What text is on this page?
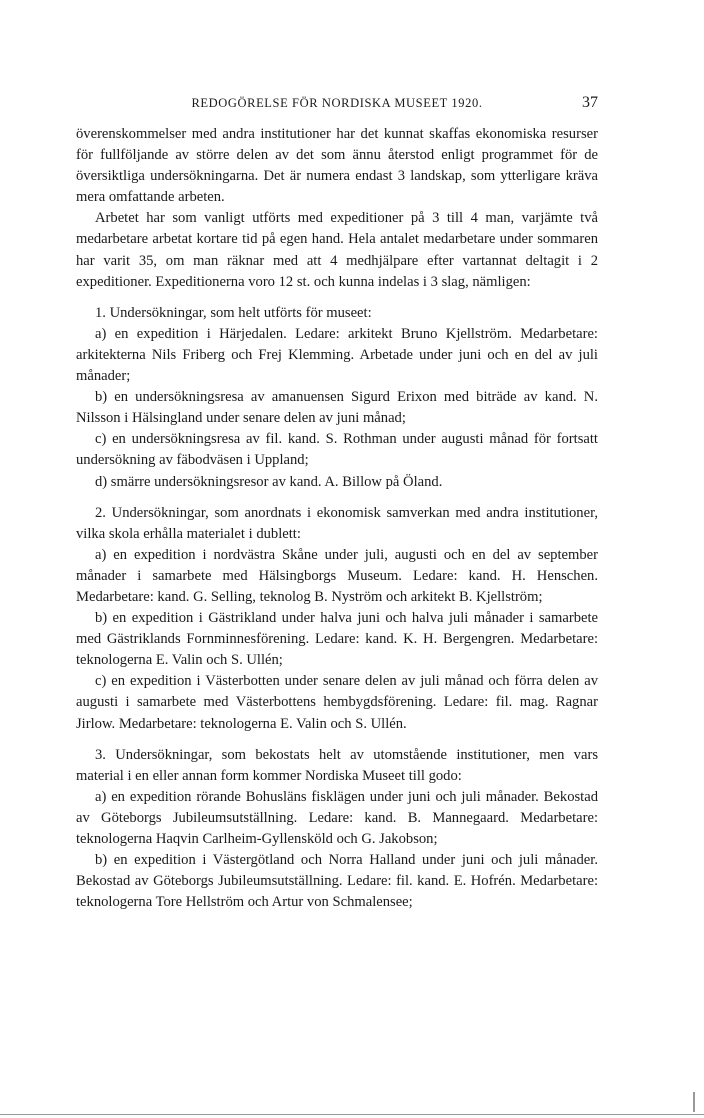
REDOGÖRELSE FÖR NORDISKA MUSEET 1920.	37

överenskommelser med andra institutioner har det kunnat skaffas ekonomiska resurser för fullföljande av större delen av det som ännu återstod enligt programmet för de översiktliga undersökningarna. Det är numera endast 3 landskap, som ytterligare kräva mera omfattande arbeten.

Arbetet har som vanligt utförts med expeditioner på 3 till 4 man, varjämte två medarbetare arbetat kortare tid på egen hand. Hela antalet medarbetare under sommaren har varit 35, om man räknar med att 4 medhjälpare efter vartannat deltagit i 2 expeditioner. Expeditionerna voro 12 st. och kunna indelas i 3 slag, nämligen:

1. Undersökningar, som helt utförts för museet:

a) en expedition i Härjedalen. Ledare: arkitekt Bruno Kjellström. Medarbetare: arkitekterna Nils Friberg och Frej Klemming. Arbetade under juni och en del av juli månader;

b) en undersökningsresa av amanuensen Sigurd Erixon med biträde av kand. N. Nilsson i Hälsingland under senare delen av juni månad;

c) en undersökningsresa av fil. kand. S. Rothman under augusti månad för fortsatt undersökning av fäbodväsen i Uppland;

d) smärre undersökningsresor av kand. A. Billow på Öland.

2. Undersökningar, som anordnats i ekonomisk samverkan med andra institutioner, vilka skola erhålla materialet i dublett:

a) en expedition i nordvästra Skåne under juli, augusti och en del av september månader i samarbete med Hälsingborgs Museum. Ledare: kand. H. Henschen. Medarbetare: kand. G. Selling, teknolog B. Nyström och arkitekt B. Kjellström;

b) en expedition i Gästrikland under halva juni och halva juli månader i samarbete med Gästriklands Fornminnesförening. Ledare: kand. K. H. Bergengren. Medarbetare: teknologerna E. Valin och S. Ullén;

c) en expedition i Västerbotten under senare delen av juli månad och förra delen av augusti i samarbete med Västerbottens hembygdsförening. Ledare: fil. mag. Ragnar Jirlow. Medarbetare: teknologerna E. Valin och S. Ullén.

3. Undersökningar, som bekostats helt av utomstående institutioner, men vars material i en eller annan form kommer Nordiska Museet till godo:

a) en expedition rörande Bohusläns fisklägen under juni och juli månader. Bekostad av Göteborgs Jubileumsutställning. Ledare: kand. B. Mannegaard. Medarbetare: teknologerna Haqvin Carlheim-Gyllensköld och G. Jakobson;

b) en expedition i Västergötland och Norra Halland under juni och juli månader. Bekostad av Göteborgs Jubileumsutställning. Ledare: fil. kand. E. Hofrén. Medarbetare: teknologerna Tore Hellström och Artur von Schmalensee;
